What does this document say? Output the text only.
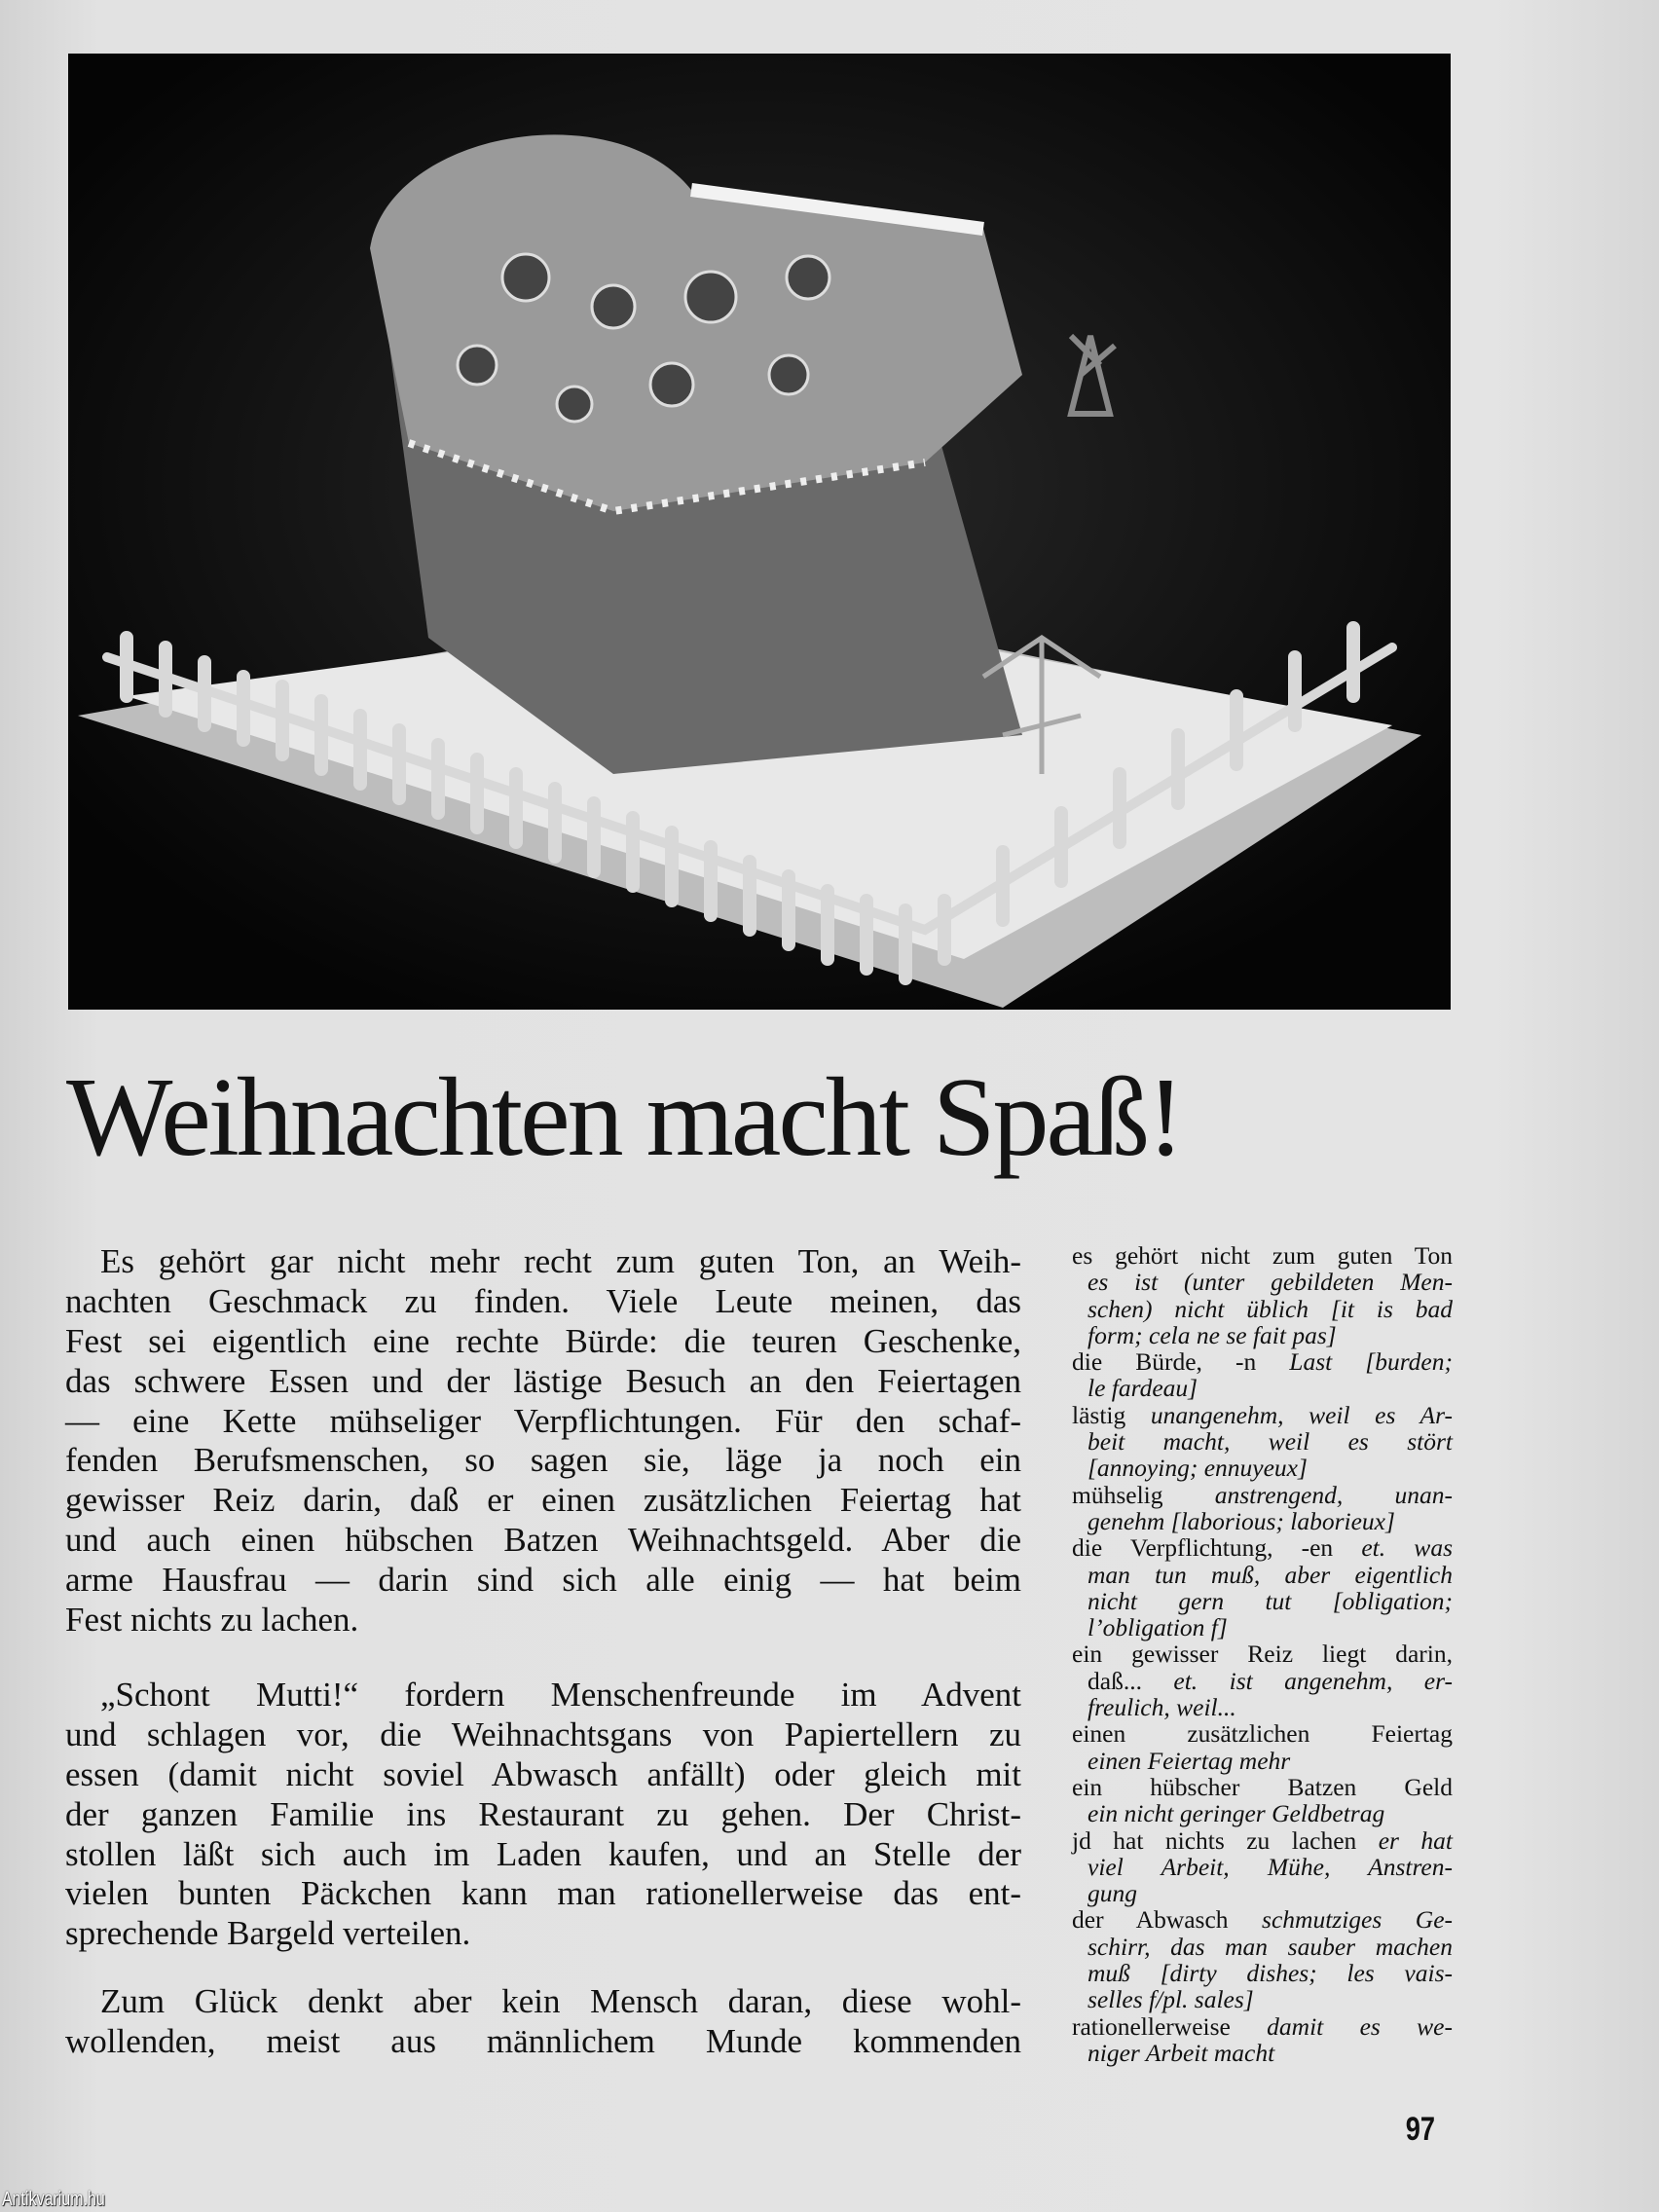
Weihnachten macht Spaß!
Es gehört gar nicht mehr recht zum guten Ton, an Weih-
nachten Geschmack zu finden. Viele Leute meinen, das
Fest sei eigentlich eine rechte Bürde: die teuren Geschenke,
das schwere Essen und der lästige Besuch an den Feiertagen
— eine Kette mühseliger Verpflichtungen. Für den schaf-
fenden Berufsmenschen, so sagen sie, läge ja noch ein
gewisser Reiz darin, daß er einen zusätzlichen Feiertag hat
und auch einen hübschen Batzen Weihnachtsgeld. Aber die
arme Hausfrau — darin sind sich alle einig — hat beim
Fest nichts zu lachen.
„Schont Mutti!“ fordern Menschenfreunde im Advent
und schlagen vor, die Weihnachtsgans von Papiertellern zu
essen (damit nicht soviel Abwasch anfällt) oder gleich mit
der ganzen Familie ins Restaurant zu gehen. Der Christ-
stollen läßt sich auch im Laden kaufen, und an Stelle der
vielen bunten Päckchen kann man rationellerweise das ent-
sprechende Bargeld verteilen.
Zum Glück denkt aber kein Mensch daran, diese wohl-
wollenden, meist aus männlichem Munde kommenden
es gehört nicht zum guten Ton
es ist (unter gebildeten Men-
schen) nicht üblich [it is bad
form; cela ne se fait pas]
die Bürde, -n Last [burden;
le fardeau]
lästig unangenehm, weil es Ar-
beit macht, weil es stört
[annoying; ennuyeux]
mühselig anstrengend, unan-
genehm [laborious; laborieux]
die Verpflichtung, -en et. was
man tun muß, aber eigentlich
nicht gern tut [obligation;
l’obligation f]
ein gewisser Reiz liegt darin,
daß... et. ist angenehm, er-
freulich, weil...
einen zusätzlichen Feiertag
einen Feiertag mehr
ein hübscher Batzen Geld
ein nicht geringer Geldbetrag
jd hat nichts zu lachen er hat
viel Arbeit, Mühe, Anstren-
gung
der Abwasch schmutziges Ge-
schirr, das man sauber machen
muß [dirty dishes; les vais-
selles f/pl. sales]
rationellerweise damit es we-
niger Arbeit macht
97
Antikvarium.hu
